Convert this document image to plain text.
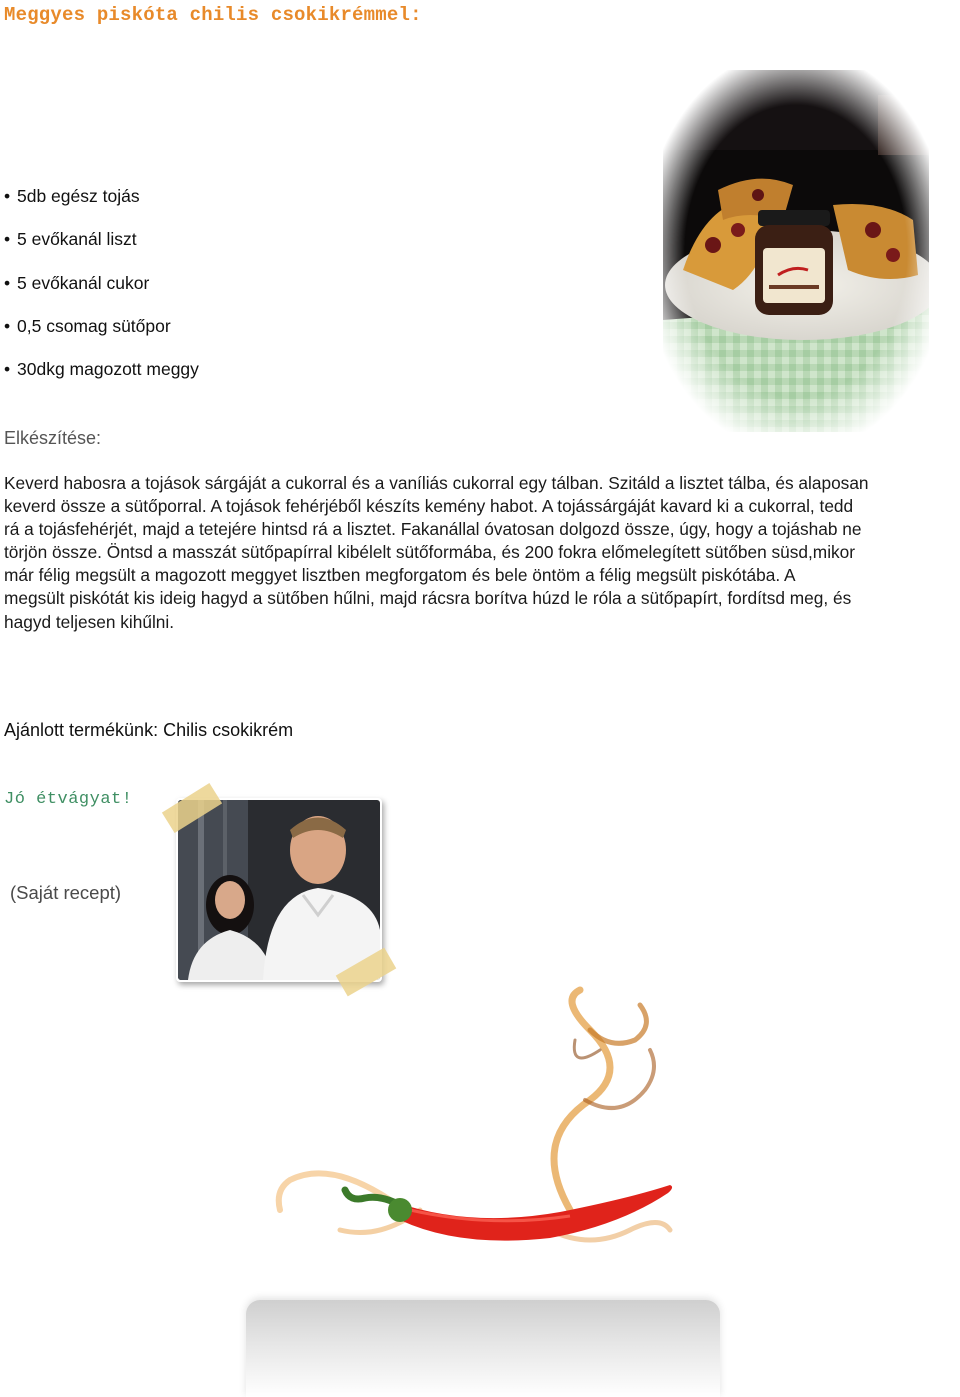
Meggyes piskóta chilis csokikrémmel:
• 5db egész tojás
• 5 evőkanál liszt
• 5 evőkanál cukor
• 0,5 csomag sütőpor
• 30dkg magozott meggy
Elkészítése:
Keverd habosra a tojások sárgáját a cukorral és a vaníliás cukorral egy tálban. Szitáld a lisztet tálba, és alaposan
keverd össze a sütőporral. A tojások fehérjéből készíts kemény habot. A tojássárgáját kavard ki a cukorral, tedd
rá a tojásfehérjét, majd a tetejére hintsd rá a lisztet. Fakanállal óvatosan dolgozd össze, úgy, hogy a tojáshab ne
törjön össze. Öntsd a masszát sütőpapírral kibélelt sütőformába, és 200 fokra előmelegített sütőben süsd,mikor
már félig megsült a magozott meggyet lisztben megforgatom és bele öntöm a félig megsült piskótába. A
megsült piskótát kis ideig hagyd a sütőben hűlni, majd rácsra borítva húzd le róla a sütőpapírt, fordítsd meg, és
hagyd teljesen kihűlni.
Ajánlott termékünk: Chilis csokikrém
Jó étvágyat!
(Saját recept)
